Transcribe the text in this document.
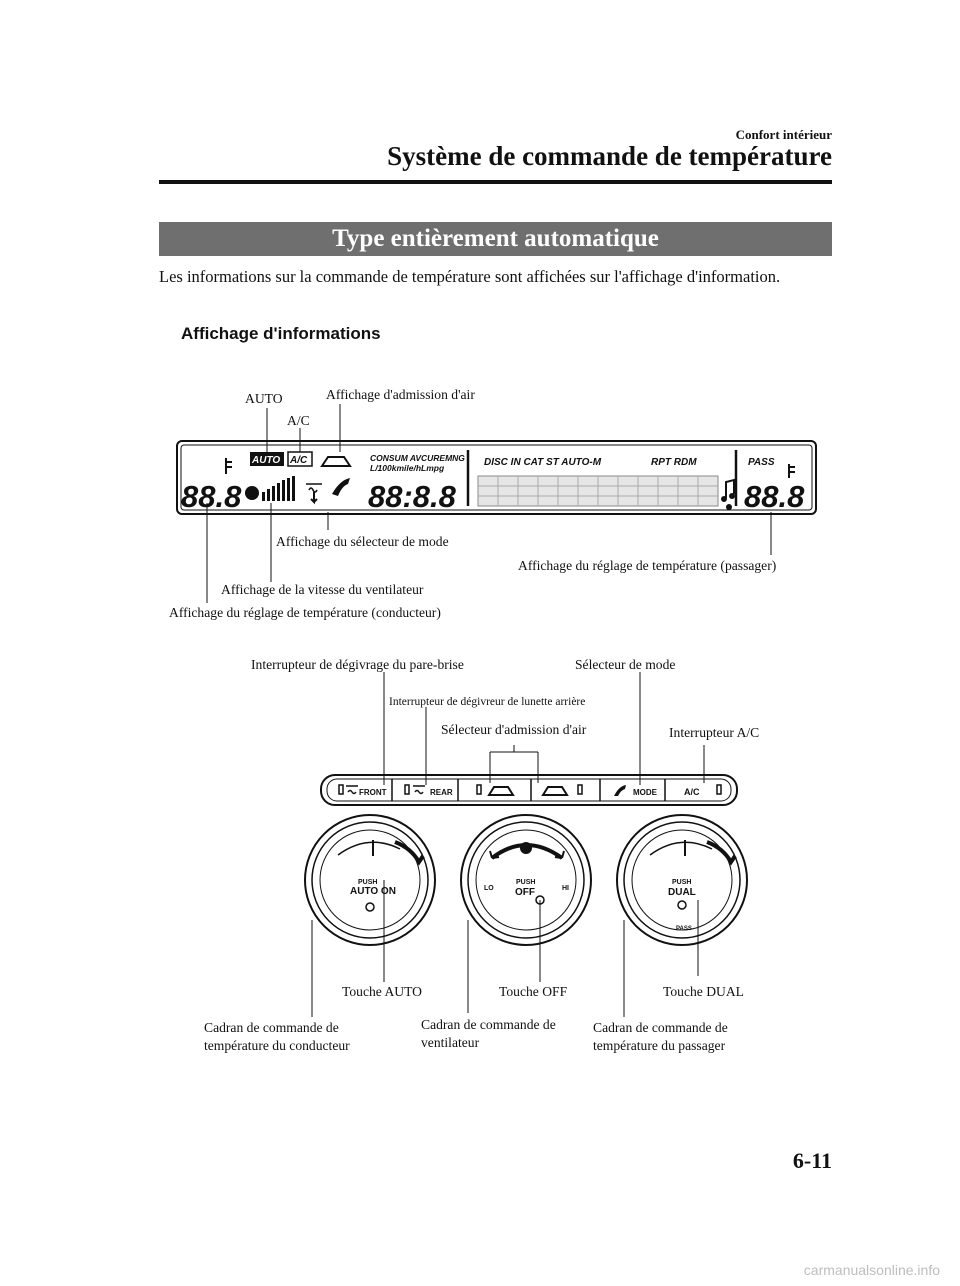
Confort intérieur
Système de commande de température
Type entièrement automatique
Les informations sur la commande de température sont affichées sur l'affichage d'information.
Affichage d'informations
AUTO A/C	CONSUM AVCUREMNG
L/100kmile/hLmpg	DISC IN CAT ST AUTO-M	RPT RDM	PASS
88.8	88:8.8	88.8
FRONT	REAR	MODE	A/C
PUSH
AUTO ON
PUSH
OFF
LO	HI
PUSH
DUAL
PASS
AUTO	Affichage d'admission d'air
A/C
Affichage du sélecteur de mode
Affichage du réglage de température (passager)
Affichage de la vitesse du ventilateur
Affichage du réglage de température (conducteur)
Interrupteur de dégivrage du pare-brise	Sélecteur de mode
Interrupteur de dégivreur de lunette arrière
Sélecteur d'admission d'air	Interrupteur A/C
Touche AUTO	Touche OFF	Touche DUAL
Cadran de commande de température du conducteur
Cadran de commande de ventilateur
Cadran de commande de température du passager
6-11
carmanualsonline.info
